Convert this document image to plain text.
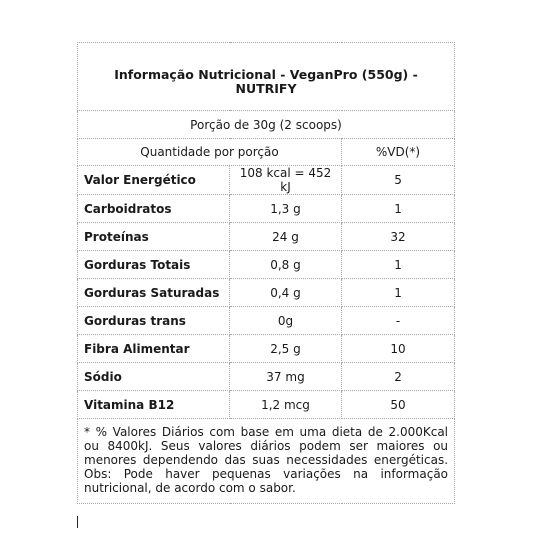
Informação Nutricional - VeganPro (550g) - NUTRIFY		
Porção de 30g (2 scoops)		
Quantidade por porção		%VD(*)
Valor Energético	108 kcal = 452 kJ	5
Carboidratos	1,3 g	1
Proteínas	24 g	32
Gorduras Totais	0,8 g	1
Gorduras Saturadas	0,4 g	1
Gorduras trans	0g	-
Fibra Alimentar	2,5 g	10
Sódio	37 mg	2
Vitamina B12	1,2 mcg	50
* % Valores Diários com base em uma dieta de 2.000Kcal ou 8400kJ. Seus valores diários podem ser maiores ou menores dependendo das suas necessidades energéticas. Obs: Pode haver pequenas variações na informação nutricional, de acordo com o sabor.		
